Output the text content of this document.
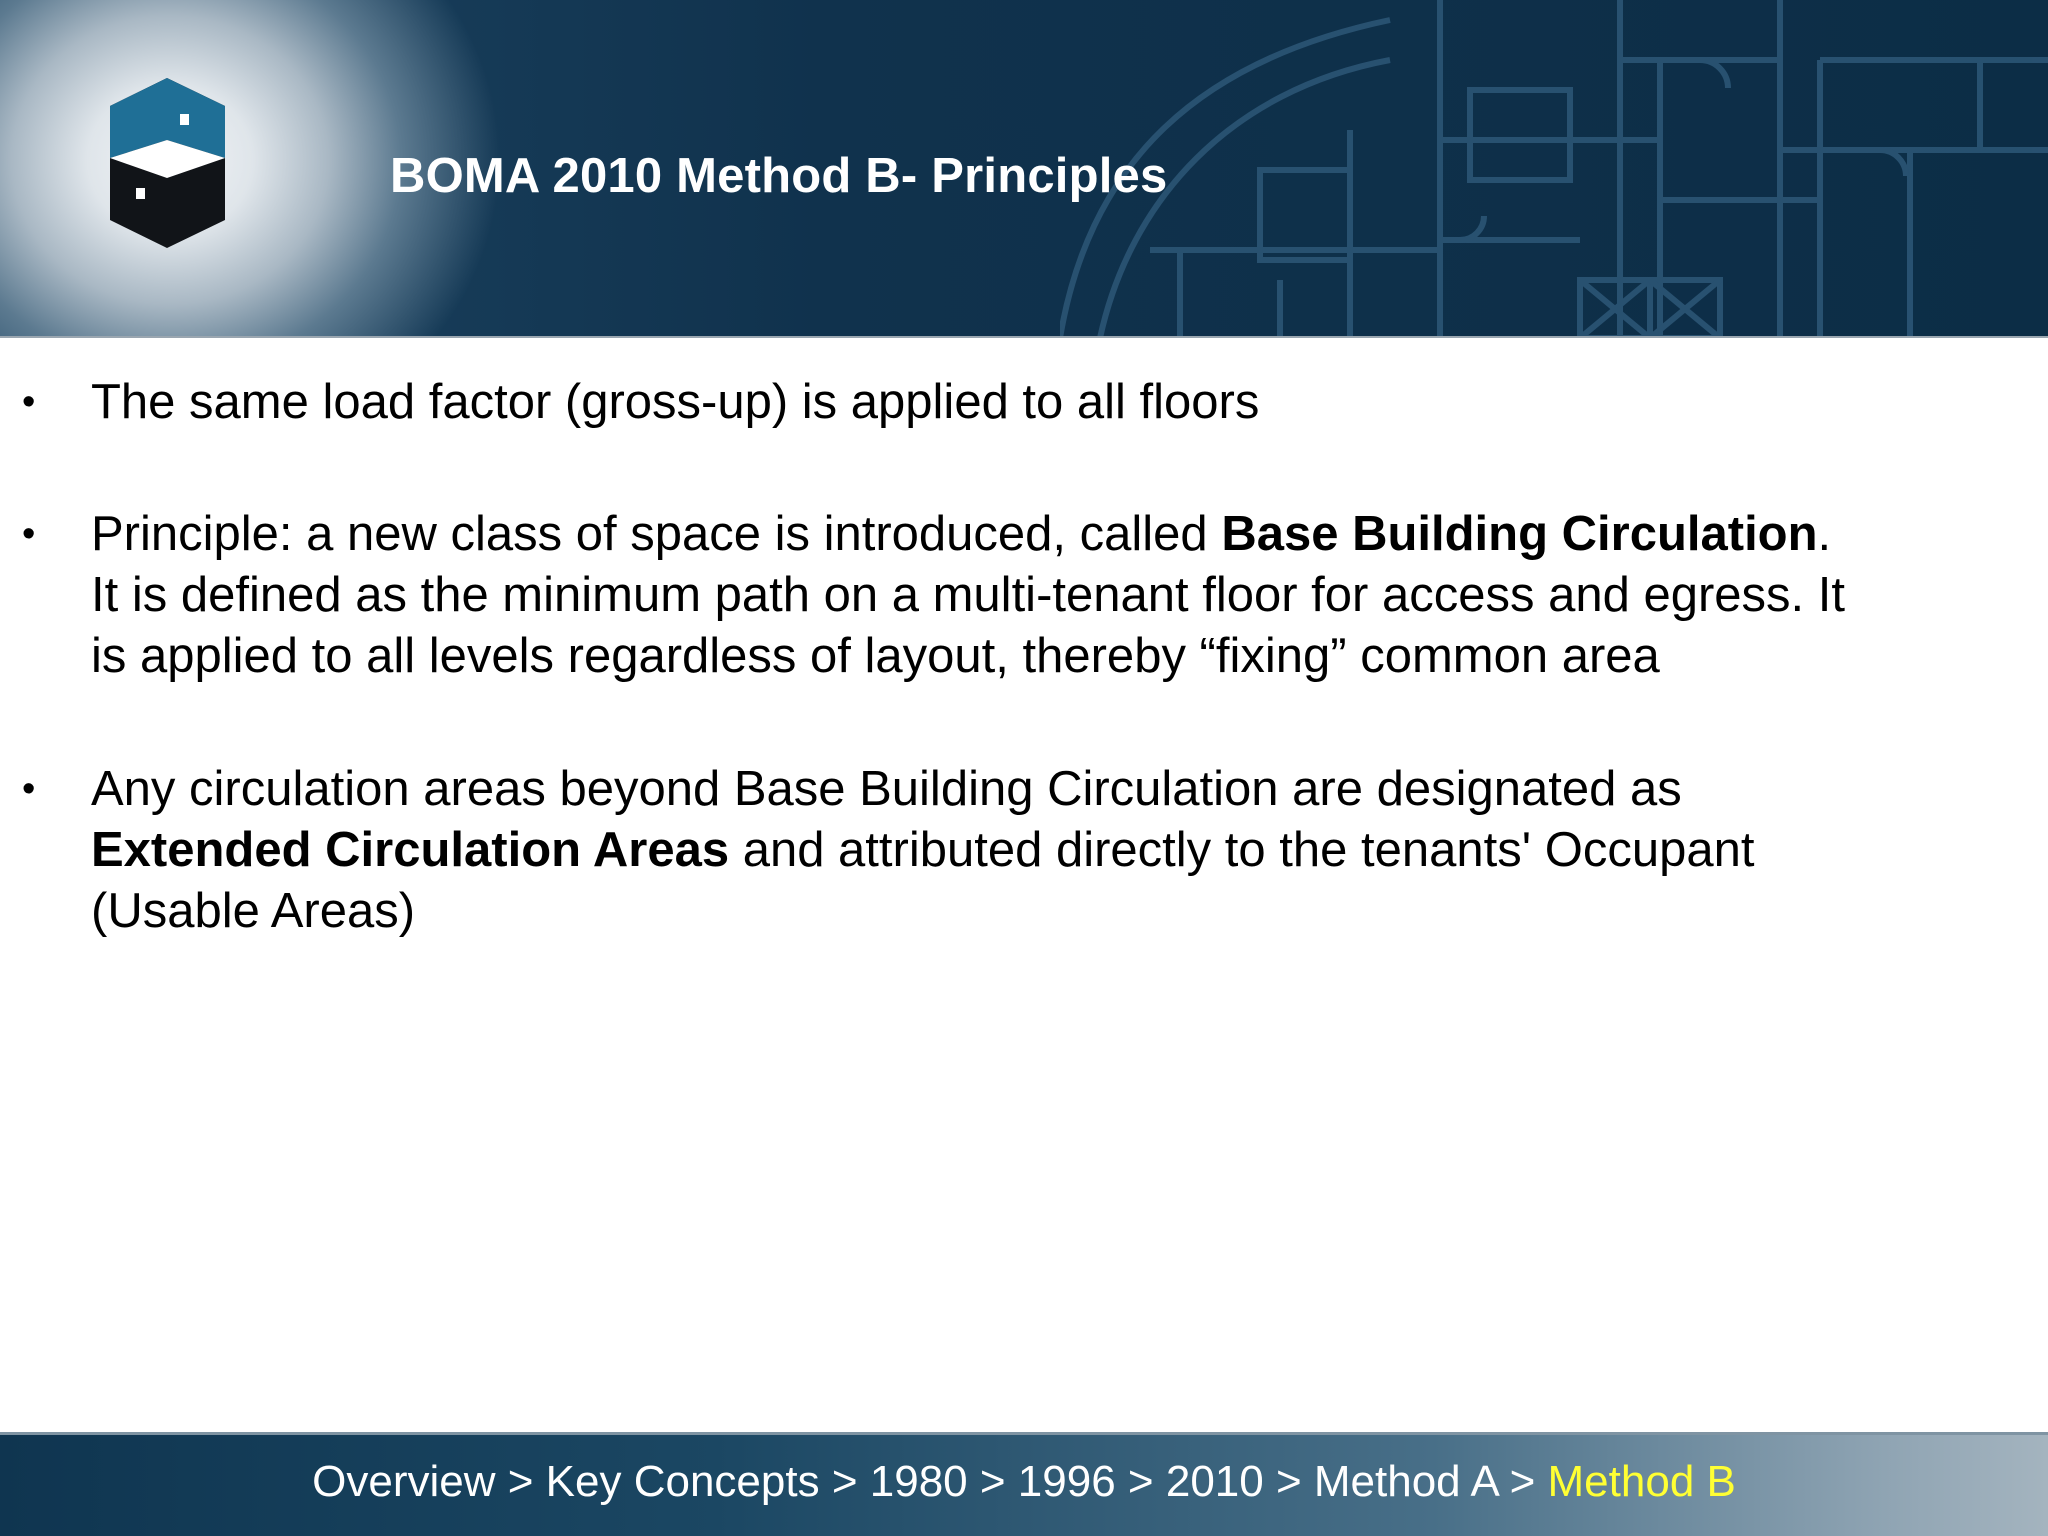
BOMA 2010 Method B- Principles
• The same load factor (gross-up) is applied to all floors
• Principle: a new class of space is introduced, called Base Building Circulation.
It is defined as the minimum path on a multi-tenant floor for access and egress. It
is applied to all levels regardless of layout, thereby “fixing” common area
• Any circulation areas beyond Base Building Circulation are designated as
Extended Circulation Areas and attributed directly to the tenants' Occupant
(Usable Areas)
Overview > Key Concepts > 1980 > 1996 > 2010 > Method A > Method B
